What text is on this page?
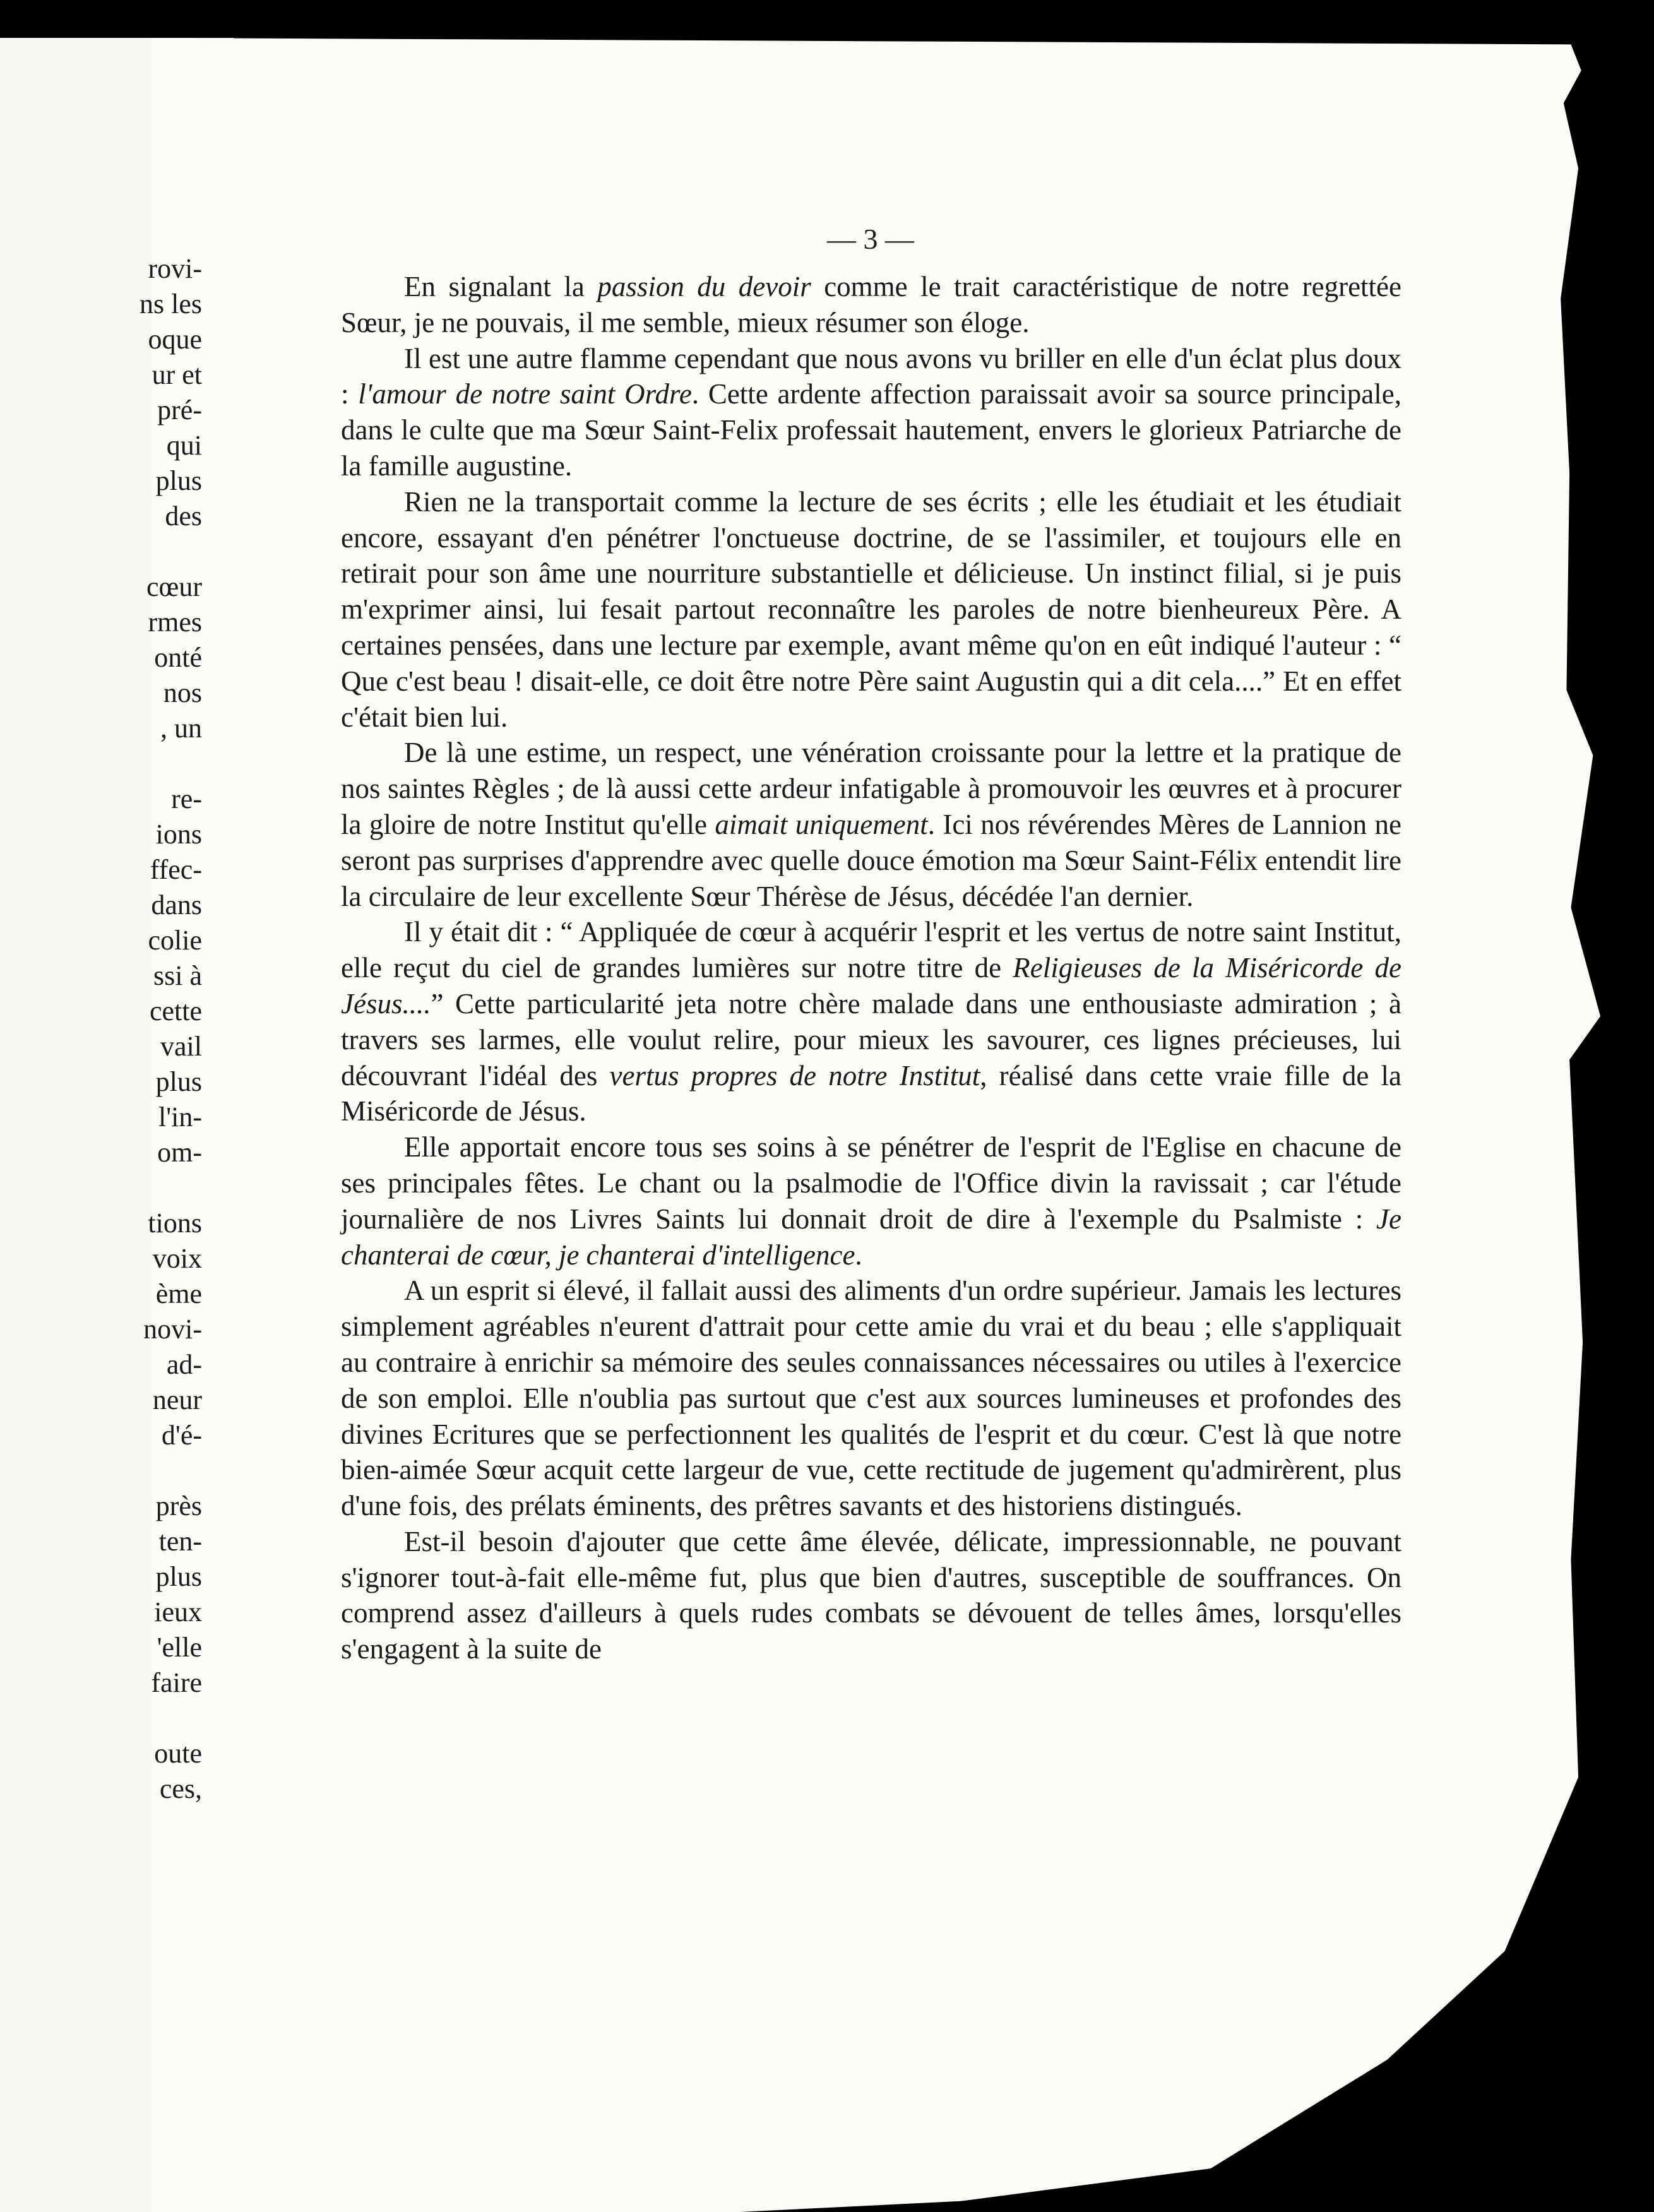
rovi-
ns les
oque
ur et
pré-
qui
plus
des
cœur
rmes
onté
nos
, un
re-
ions
ffec-
dans
colie
ssi à
cette
vail
plus
l'in-
om-
tions
voix
ème
novi-
ad-
neur
d'é-
près
ten-
plus
ieux
'elle
faire
oute
ces,
— 3 —

En signalant la passion du devoir comme le trait caractéristique de notre regrettée Sœur, je ne pouvais, il me semble, mieux résumer son éloge.

Il est une autre flamme cependant que nous avons vu briller en elle d'un éclat plus doux : l'amour de notre saint Ordre. Cette ardente affection paraissait avoir sa source principale, dans le culte que ma Sœur Saint-Felix professait hautement, envers le glorieux Patriarche de la famille augustine.

Rien ne la transportait comme la lecture de ses écrits ; elle les étudiait et les étudiait encore, essayant d'en pénétrer l'onctueuse doctrine, de se l'assimiler, et toujours elle en retirait pour son âme une nourriture substantielle et délicieuse. Un instinct filial, si je puis m'exprimer ainsi, lui fesait partout reconnaître les paroles de notre bienheureux Père. A certaines pensées, dans une lecture par exemple, avant même qu'on en eût indiqué l'auteur : “ Que c'est beau ! disait-elle, ce doit être notre Père saint Augustin qui a dit cela....” Et en effet c'était bien lui.

De là une estime, un respect, une vénération croissante pour la lettre et la pratique de nos saintes Règles ; de là aussi cette ardeur infatigable à promouvoir les œuvres et à procurer la gloire de notre Institut qu'elle aimait uniquement. Ici nos révérendes Mères de Lannion ne seront pas surprises d'apprendre avec quelle douce émotion ma Sœur Saint-Félix entendit lire la circulaire de leur excellente Sœur Thérèse de Jésus, décédée l'an dernier.

Il y était dit : “ Appliquée de cœur à acquérir l'esprit et les vertus de notre saint Institut, elle reçut du ciel de grandes lumières sur notre titre de Religieuses de la Miséricorde de Jésus....” Cette particularité jeta notre chère malade dans une enthousiaste admiration ; à travers ses larmes, elle voulut relire, pour mieux les savourer, ces lignes précieuses, lui découvrant l'idéal des vertus propres de notre Institut, réalisé dans cette vraie fille de la Miséricorde de Jésus.

Elle apportait encore tous ses soins à se pénétrer de l'esprit de l'Eglise en chacune de ses principales fêtes. Le chant ou la psalmodie de l'Office divin la ravissait ; car l'étude journalière de nos Livres Saints lui donnait droit de dire à l'exemple du Psalmiste : Je chanterai de cœur, je chanterai d'intelligence.

A un esprit si élevé, il fallait aussi des aliments d'un ordre supérieur. Jamais les lectures simplement agréables n'eurent d'attrait pour cette amie du vrai et du beau ; elle s'appliquait au contraire à enrichir sa mémoire des seules connaissances nécessaires ou utiles à l'exercice de son emploi. Elle n'oublia pas surtout que c'est aux sources lumineuses et profondes des divines Ecritures que se perfectionnent les qualités de l'esprit et du cœur. C'est là que notre bien-aimée Sœur acquit cette largeur de vue, cette rectitude de jugement qu'admirèrent, plus d'une fois, des prélats éminents, des prêtres savants et des historiens distingués.

Est-il besoin d'ajouter que cette âme élevée, délicate, impressionnable, ne pouvant s'ignorer tout-à-fait elle-même fut, plus que bien d'autres, susceptible de souffrances. On comprend assez d'ailleurs à quels rudes combats se dévouent de telles âmes, lorsqu'elles s'engagent à la suite de
